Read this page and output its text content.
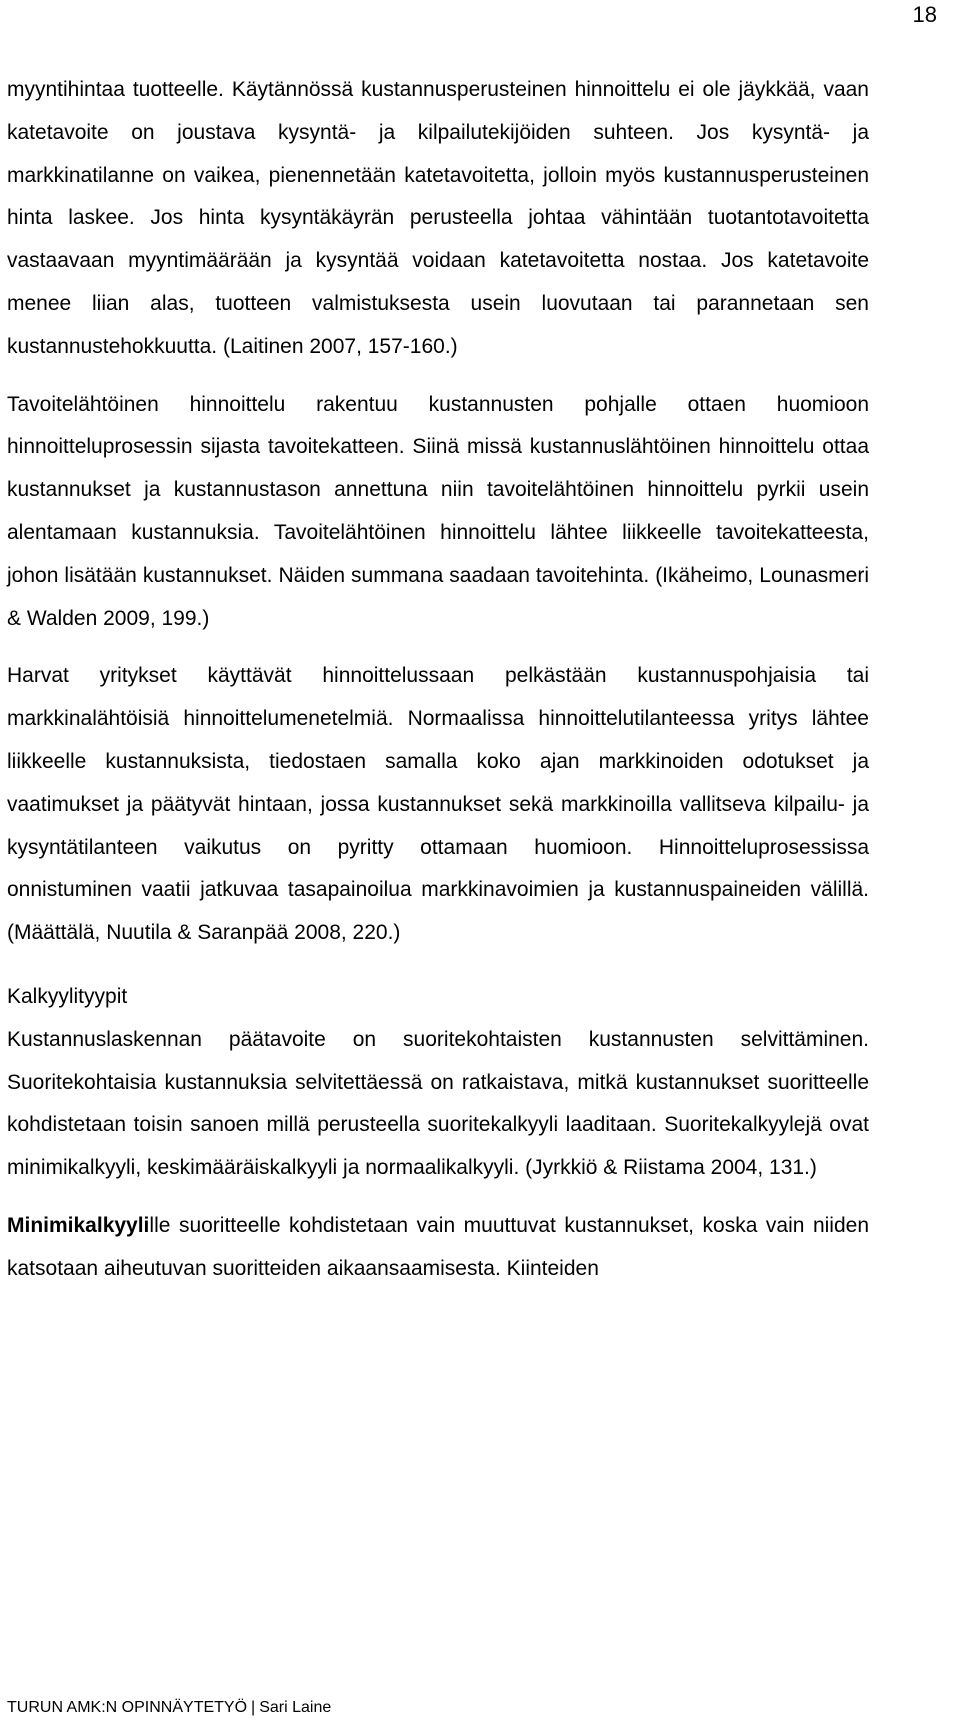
18

myyntihintaa tuotteelle. Käytännössä kustannusperusteinen hinnoittelu ei ole jäykkää, vaan katetavoite on joustava kysyntä- ja kilpailutekijöiden suhteen. Jos kysyntä- ja markkinatilanne on vaikea, pienennetään katetavoitetta, jolloin myös kustannusperusteinen hinta laskee. Jos hinta kysyntäkäyrän perusteella johtaa vähintään tuotantotavoitetta vastaavaan myyntimäärään ja kysyntää voidaan katetavoitetta nostaa. Jos katetavoite menee liian alas, tuotteen valmistuksesta usein luovutaan tai parannetaan sen kustannustehokkuutta. (Laitinen 2007, 157-160.)

Tavoitelähtöinen hinnoittelu rakentuu kustannusten pohjalle ottaen huomioon hinnoitteluprosessin sijasta tavoitekatteen. Siinä missä kustannuslähtöinen hinnoittelu ottaa kustannukset ja kustannustason annettuna niin tavoitelähtöinen hinnoittelu pyrkii usein alentamaan kustannuksia. Tavoitelähtöinen hinnoittelu lähtee liikkeelle tavoitekatteesta, johon lisätään kustannukset. Näiden summana saadaan tavoitehinta. (Ikäheimo, Lounasmeri & Walden 2009, 199.)

Harvat yritykset käyttävät hinnoittelussaan pelkästään kustannuspohjaisia tai markkinalähtöisiä hinnoittelumenetelmiä. Normaalissa hinnoittelutilanteessa yritys lähtee liikkeelle kustannuksista, tiedostaen samalla koko ajan markkinoiden odotukset ja vaatimukset ja päätyvät hintaan, jossa kustannukset sekä markkinoilla vallitseva kilpailu- ja kysyntätilanteen vaikutus on pyritty ottamaan huomioon. Hinnoitteluprosessissa onnistuminen vaatii jatkuvaa tasapainoilua markkinavoimien ja kustannuspaineiden välillä. (Määttälä, Nuutila & Saranpää 2008, 220.)

Kalkyylityypit

Kustannuslaskennan päätavoite on suoritekohtaisten kustannusten selvittäminen. Suoritekohtaisia kustannuksia selvitettäessä on ratkaistava, mitkä kustannukset suoritteelle kohdistetaan toisin sanoen millä perusteella suoritekalkyyli laaditaan. Suoritekalkyylejä ovat minimikalkyyli, keskimääräiskalkyyli ja normaalikalkyyli. (Jyrkkiö & Riistama 2004, 131.)

Minimikalkyylille suoritteelle kohdistetaan vain muuttuvat kustannukset, koska vain niiden katsotaan aiheutuvan suoritteiden aikaansaamisesta. Kiinteiden

TURUN AMK:N OPINNÄYTETYÖ | Sari Laine
